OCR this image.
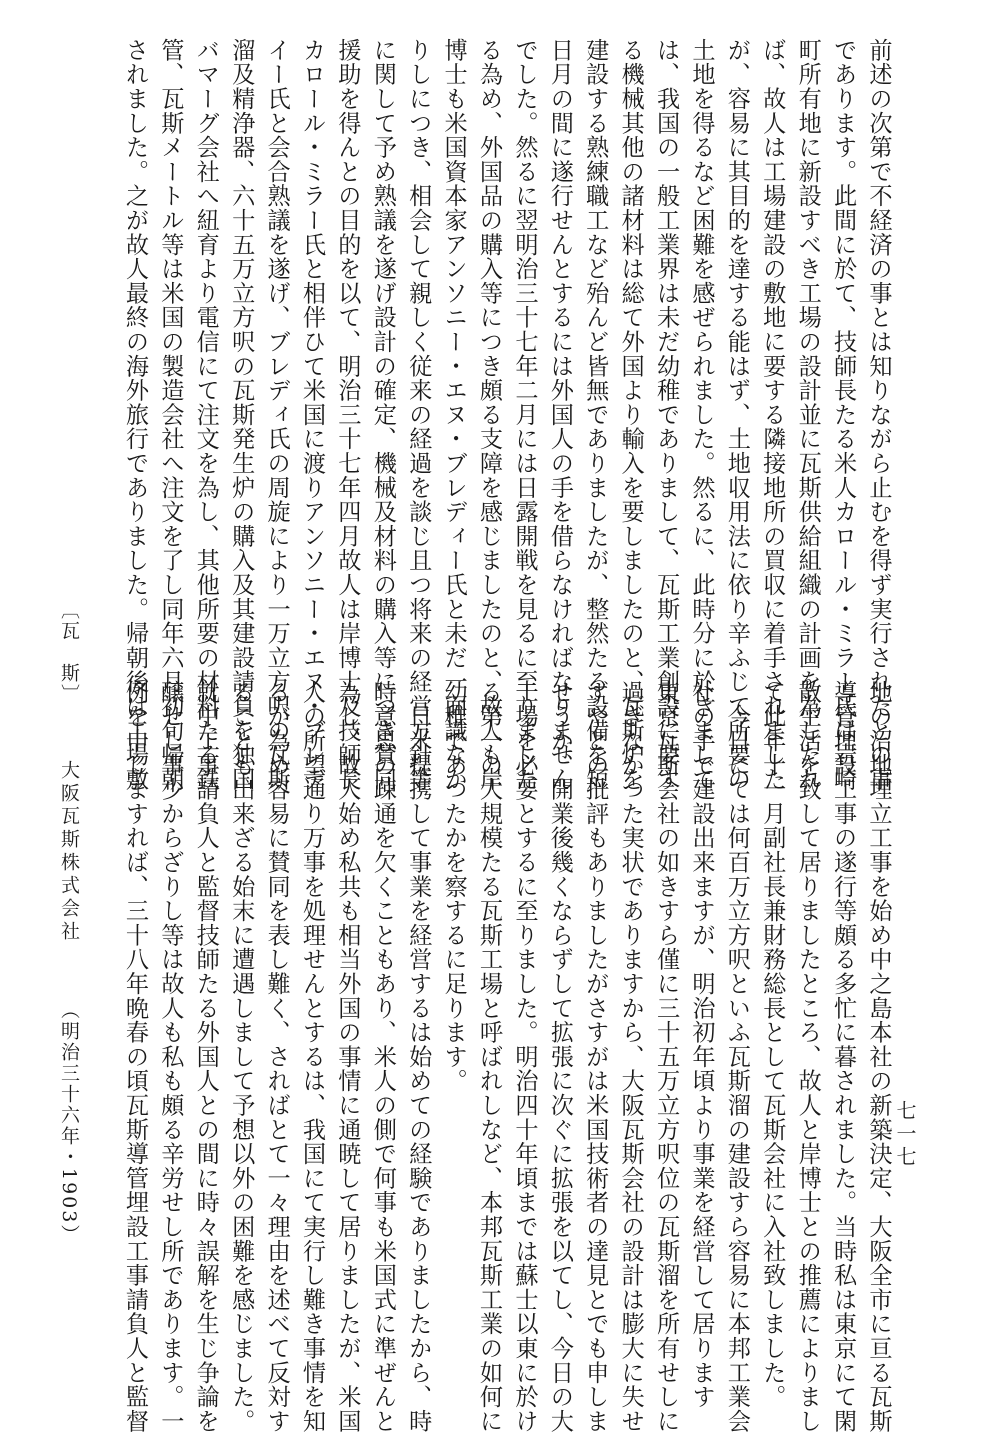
前述の次第で不経済の事とは知りながら止むを得ず実行されたとの事

であります。此間に於て、技師長たる米人カロール・ミラー氏は岩崎

町所有地に新設すべき工場の設計並に瓦斯供給組織の計画を為したれ

ば、故人は工場建設の敷地に要する隣接地所の買収に着手されました

が、容易に其目的を達する能はず、土地収用法に依り辛ふじて所要の

土地を得るなど困難を感ぜられました。然るに、此時分に於きまして

は、我国の一般工業界は未だ幼稚でありまして、瓦斯工業創設に要す

る機械其他の諸材料は総て外国より輸入を要しましたのと、瓦斯炉を

建設する熟練職工など殆んど皆無でありましたが、整然たる設備を短

日月の間に遂行せんとするには外国人の手を借らなければなりません

でした。然るに翌明治三十七年二月には日露開戦を見るに至りました

る為め、外国品の購入等につき頗る支障を感じましたのと、故人も岸

博士も米国資本家アンソニー・エヌ・ブレディー氏と未だ一面識なか

りしにつき、相会して親しく従来の経過を談じ且つ将来の経営方針等

に関して予め熟議を遂げ設計の確定、機械及材料の購入等につき賛同

援助を得んとの目的を以て、明治三十七年四月故人は岸博士及技師長

カロール・ミラー氏と相伴ひて米国に渡りアンソニー・エヌ・ブレデ

イー氏と会合熟議を遂げ、ブレディ氏の周旋により一万立方呎の瓦斯

溜及精浄器、六十五万立方呎の瓦斯発生炉の購入及其建設請負を独国

バマーグ会社へ紐育より電信にて注文を為し、其他所要の材料たる鉄

管、瓦斯メートル等は米国の製造会社へ注文を了し同年六月初旬帰朝

されました。之が故人最終の海外旅行でありました。帰朝後は工場敷

地の沼地埋立工事を始め中之島本社の新築決定、大阪全市に亘る瓦斯

導管埋設工事の遂行等頗る多忙に暮されました。当時私は東京にて閑

散生活を致して居りましたところ、故人と岸博士との推薦によりまし

て此年十一月副社長兼財務総長として瓦斯会社に入社致しました。

　今日にては何百万立方呎といふ瓦斯溜の建設すら容易に本邦工業会

社の手で建設出来ますが、明治初年頃より事業を経営して居ります

東京瓦斯会社の如きすら僅に三十五万立方呎位の瓦斯溜を所有せしに

過ぎなかつた実状でありますから、大阪瓦斯会社の設計は膨大に失せ

ずやとの批評もありましたがさすがは米国技術者の達見とでも申しま

せうか、開業後幾くならずして拡張に次ぐに拡張を以てし、今日の大

工場を必要とするに至りました。明治四十年頃までは蘇士以東に於け

る第一の大規模たる瓦斯工場と呼ばれしなど、本邦瓦斯工業の如何に

幼稚であつたかを察するに足ります。

　日米提携して事業を経営するは始めての経験でありましたから、時

時意思の疎通を欠くこともあり、米人の側で何事も米国式に準ぜんと

為し、故人始め私共も相当外国の事情に通暁して居りましたが、米国

人の所望通り万事を処理せんとするは、我国にて実行し難き事情を知

るが為め容易に賛同を表し難く、さればとて一々理由を述べて反対す

ることも出来ざる始末に遭遇しまして予想以外の困難を感じました。

就中工事請負人と監督技師たる外国人との間に時々誤解を生じ争論を

醸せし事少からざりし等は故人も私も頗る辛労せし所であります。一

例を申しますれば、三十八年晩春の頃瓦斯導管埋設工事請負人と監督	七一七
〔瓦　斯〕
大阪瓦斯株式会社
（明治三十六年・1903）
